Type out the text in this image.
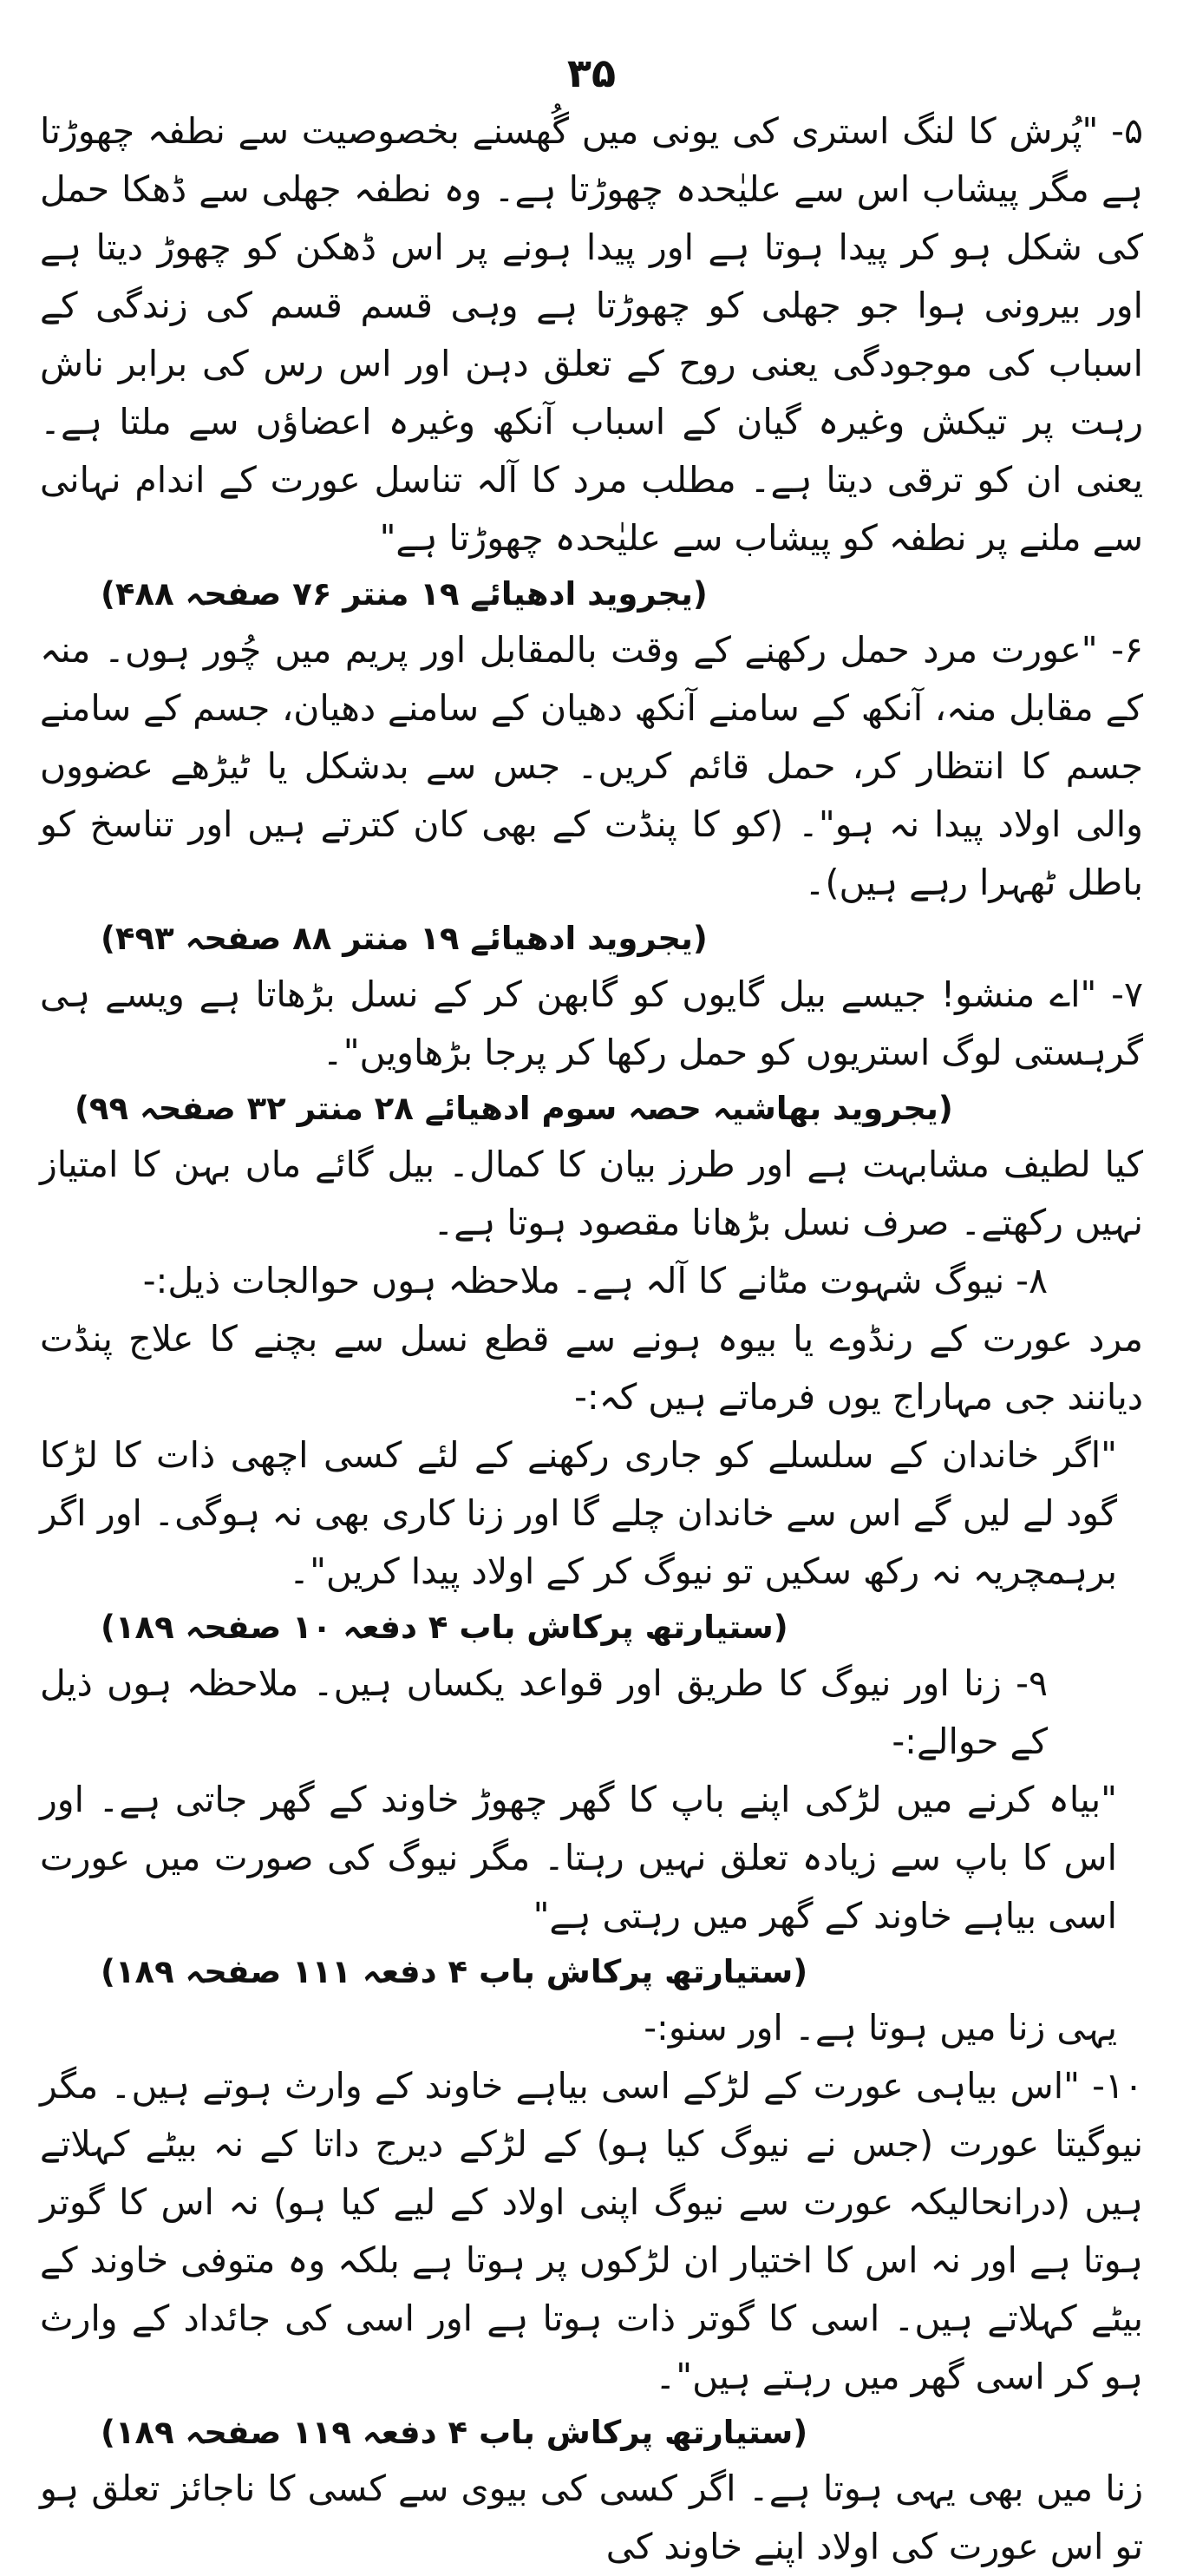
۳۵

۵- "پُرش کا لنگ استری کی یونی میں گُھسنے بخصوصیت سے نطفہ چھوڑتا ہے مگر پیشاب اس سے علیٰحدہ چھوڑتا ہے۔ وہ نطفہ جھلی سے ڈھکا حمل کی شکل ہو کر پیدا ہوتا ہے اور پیدا ہونے پر اس ڈھکن کو چھوڑ دیتا ہے اور بیرونی ہوا جو جھلی کو چھوڑتا ہے وہی قسم قسم کی زندگی کے اسباب کی موجودگی یعنی روح کے تعلق دہن اور اس رس کی برابر ناش رہت پر تیکش وغیرہ گیان کے اسباب آنکھ وغیرہ اعضاؤں سے ملتا ہے۔ یعنی ان کو ترقی دیتا ہے۔ مطلب مرد کا آلہ تناسل عورت کے اندام نہانی سے ملنے پر نطفہ کو پیشاب سے علیٰحدہ چھوڑتا ہے"

(یجروید ادھیائے ۱۹ منتر ۷۶ صفحہ ۴۸۸)

۶- "عورت مرد حمل رکھنے کے وقت بالمقابل اور پریم میں چُور ہوں۔ منہ کے مقابل منہ، آنکھ کے سامنے آنکھ دھیان کے سامنے دھیان، جسم کے سامنے جسم کا انتظار کر، حمل قائم کریں۔ جس سے بدشکل یا ٹیڑھے عضووں والی اولاد پیدا نہ ہو"۔ (کو کا پنڈت کے بھی کان کترتے ہیں اور تناسخ کو باطل ٹھہرا رہے ہیں)۔

(یجروید ادھیائے ۱۹ منتر ۸۸ صفحہ ۴۹۳)

۷- "اے منشو! جیسے بیل گایوں کو گابھن کر کے نسل بڑھاتا ہے ویسے ہی گرہستی لوگ استریوں کو حمل رکھا کر پرجا بڑھاویں"۔

(یجروید بھاشیہ حصہ سوم ادھیائے ۲۸ منتر ۳۲ صفحہ ۹۹)

کیا لطیف مشابہت ہے اور طرز بیان کا کمال۔ بیل گائے ماں بہن کا امتیاز نہیں رکھتے۔ صرف نسل بڑھانا مقصود ہوتا ہے۔

۸- نیوگ شہوت مٹانے کا آلہ ہے۔ ملاحظہ ہوں حوالجات ذیل:-

مرد عورت کے رنڈوے یا بیوہ ہونے سے قطع نسل سے بچنے کا علاج پنڈت دیانند جی مہاراج یوں فرماتے ہیں کہ:-

"اگر خاندان کے سلسلے کو جاری رکھنے کے لئے کسی اچھی ذات کا لڑکا گود لے لیں گے اس سے خاندان چلے گا اور زنا کاری بھی نہ ہوگی۔ اور اگر برہمچریہ نہ رکھ سکیں تو نیوگ کر کے اولاد پیدا کریں"۔

(ستیارتھ پرکاش باب ۴ دفعہ ۱۰ صفحہ ۱۸۹)

۹- زنا اور نیوگ کا طریق اور قواعد یکساں ہیں۔ ملاحظہ ہوں ذیل کے حوالے:-

"بیاہ کرنے میں لڑکی اپنے باپ کا گھر چھوڑ خاوند کے گھر جاتی ہے۔ اور اس کا باپ سے زیادہ تعلق نہیں رہتا۔ مگر نیوگ کی صورت میں عورت اسی بیاہے خاوند کے گھر میں رہتی ہے"

(ستیارتھ پرکاش باب ۴ دفعہ ۱۱۱ صفحہ ۱۸۹)

یہی زنا میں ہوتا ہے۔ اور سنو:-

۱۰- "اس بیاہی عورت کے لڑکے اسی بیاہے خاوند کے وارث ہوتے ہیں۔ مگر نیوگیتا عورت (جس نے نیوگ کیا ہو) کے لڑکے دیرج داتا کے نہ بیٹے کہلاتے ہیں (درانحالیکہ عورت سے نیوگ اپنی اولاد کے لیے کیا ہو) نہ اس کا گوتر ہوتا ہے اور نہ اس کا اختیار ان لڑکوں پر ہوتا ہے بلکہ وہ متوفی خاوند کے بیٹے کہلاتے ہیں۔ اسی کا گوتر ذات ہوتا ہے اور اسی کی جائداد کے وارث ہو کر اسی گھر میں رہتے ہیں"۔

(ستیارتھ پرکاش باب ۴ دفعہ ۱۱۹ صفحہ ۱۸۹)

زنا میں بھی یہی ہوتا ہے۔ اگر کسی کی بیوی سے کسی کا ناجائز تعلق ہو تو اس عورت کی اولاد اپنے خاوند کی
